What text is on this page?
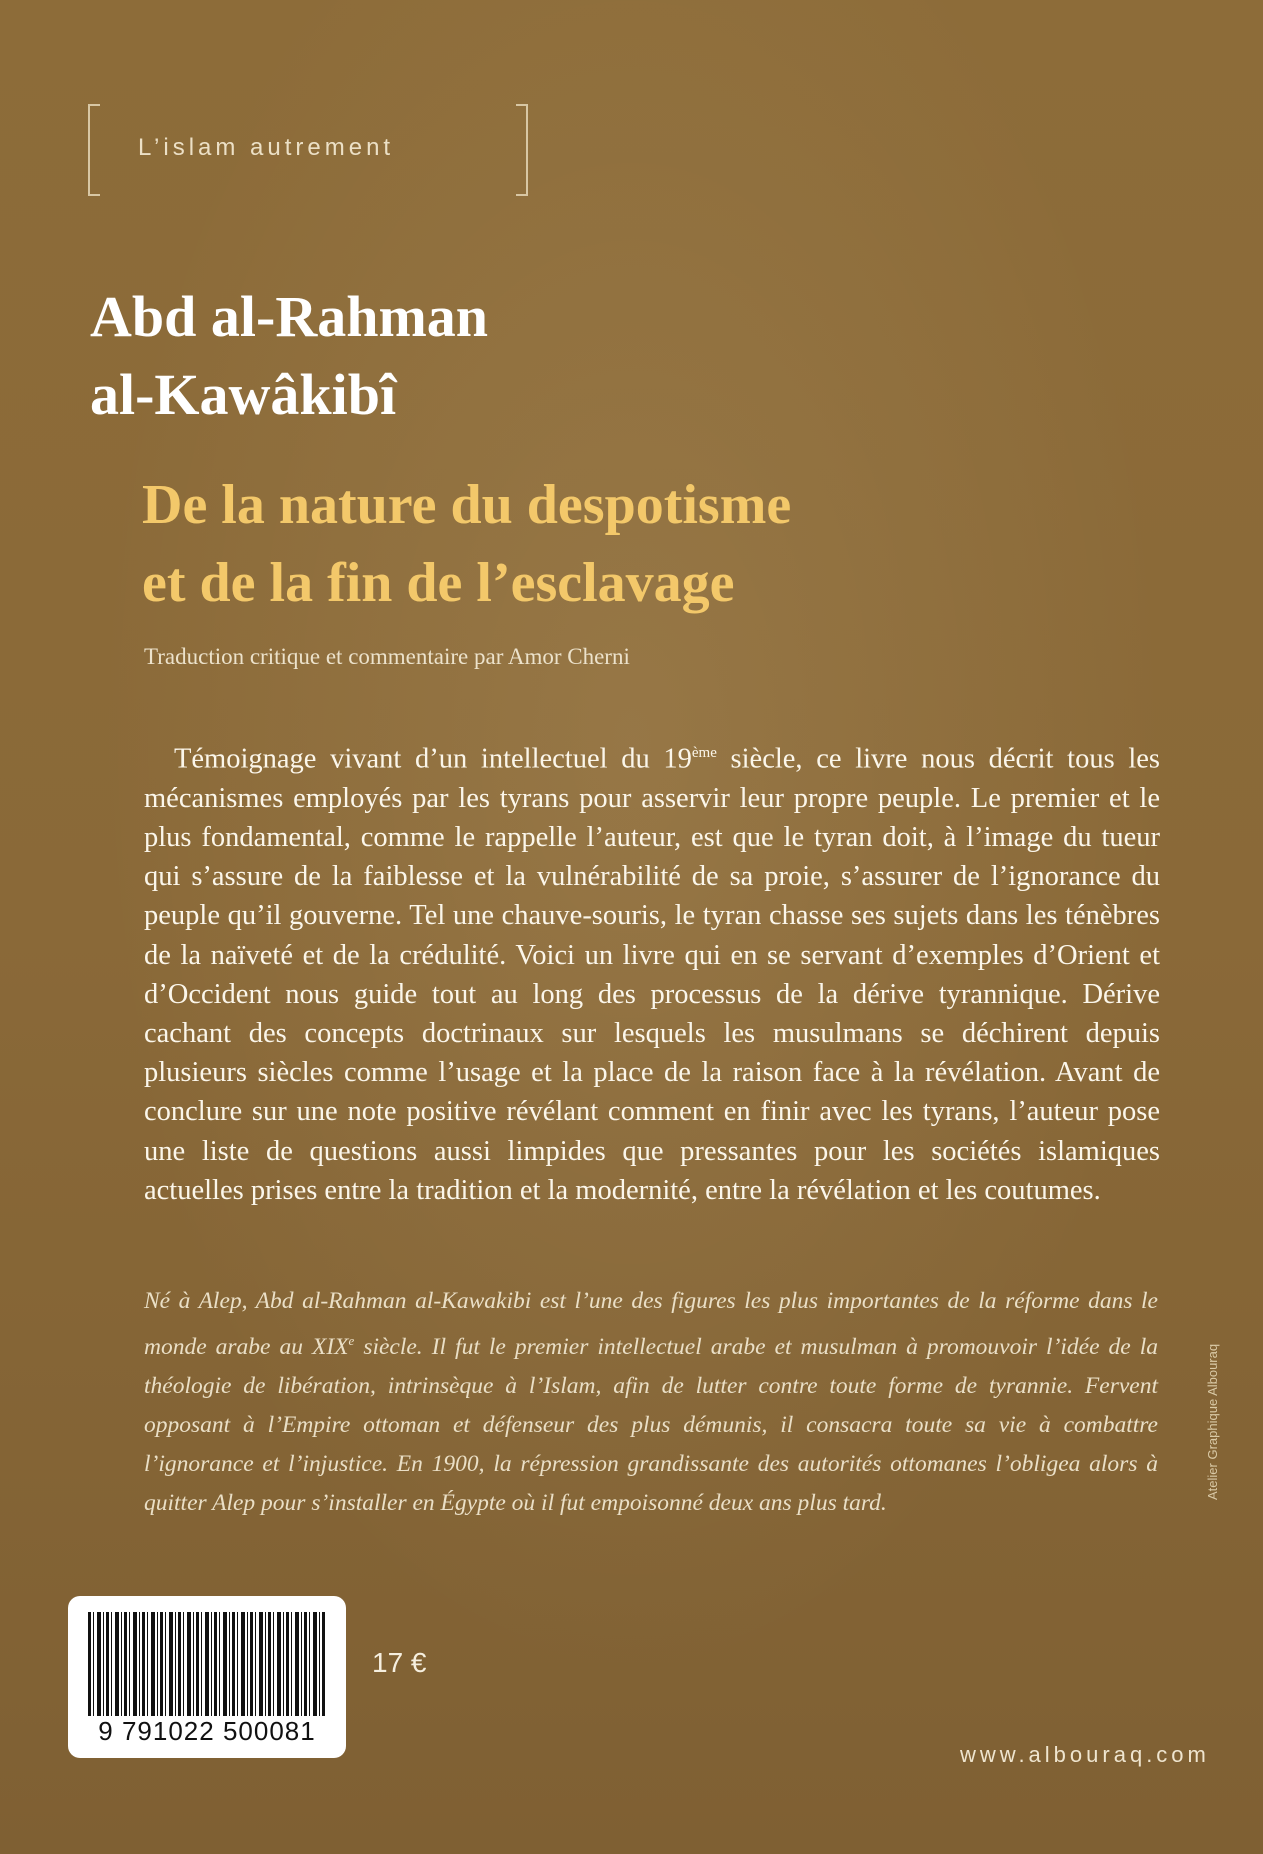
L’islam autrement
Abd al-Rahman
al-Kawâkibî
De la nature du despotisme
et de la fin de l’esclavage
Traduction critique et commentaire par Amor Cherni
Témoignage vivant d’un intellectuel du 19ème siècle, ce livre nous décrit tous les mécanismes employés par les tyrans pour asservir leur propre peuple. Le premier et le plus fondamental, comme le rappelle l’auteur, est que le tyran doit, à l’image du tueur qui s’assure de la faiblesse et la vulnérabilité de sa proie, s’assurer de l’ignorance du peuple qu’il gouverne. Tel une chauve-souris, le tyran chasse ses sujets dans les ténèbres de la naïveté et de la crédulité. Voici un livre qui en se servant d’exemples d’Orient et d’Occident nous guide tout au long des processus de la dérive tyrannique. Dérive cachant des concepts doctrinaux sur lesquels les musulmans se déchirent depuis plusieurs siècles comme l’usage et la place de la raison face à la révélation. Avant de conclure sur une note positive révélant comment en finir avec les tyrans, l’auteur pose une liste de questions aussi limpides que pressantes pour les sociétés islamiques actuelles prises entre la tradition et la modernité, entre la révélation et les coutumes.
Né à Alep, Abd al-Rahman al-Kawakibi est l’une des figures les plus importantes de la réforme dans le monde arabe au XIXe siècle. Il fut le premier intellectuel arabe et musulman à promouvoir l’idée de la théologie de libération, intrinsèque à l’Islam, afin de lutter contre toute forme de tyrannie. Fervent opposant à l’Empire ottoman et défenseur des plus démunis, il consacra toute sa vie à combattre l’ignorance et l’injustice. En 1900, la répression grandissante des autorités ottomanes l’obligea alors à quitter Alep pour s’installer en Égypte où il fut empoisonné deux ans plus tard.
9 791022 500081
17 €
www.albouraq.com
Atelier Graphique Albouraq
